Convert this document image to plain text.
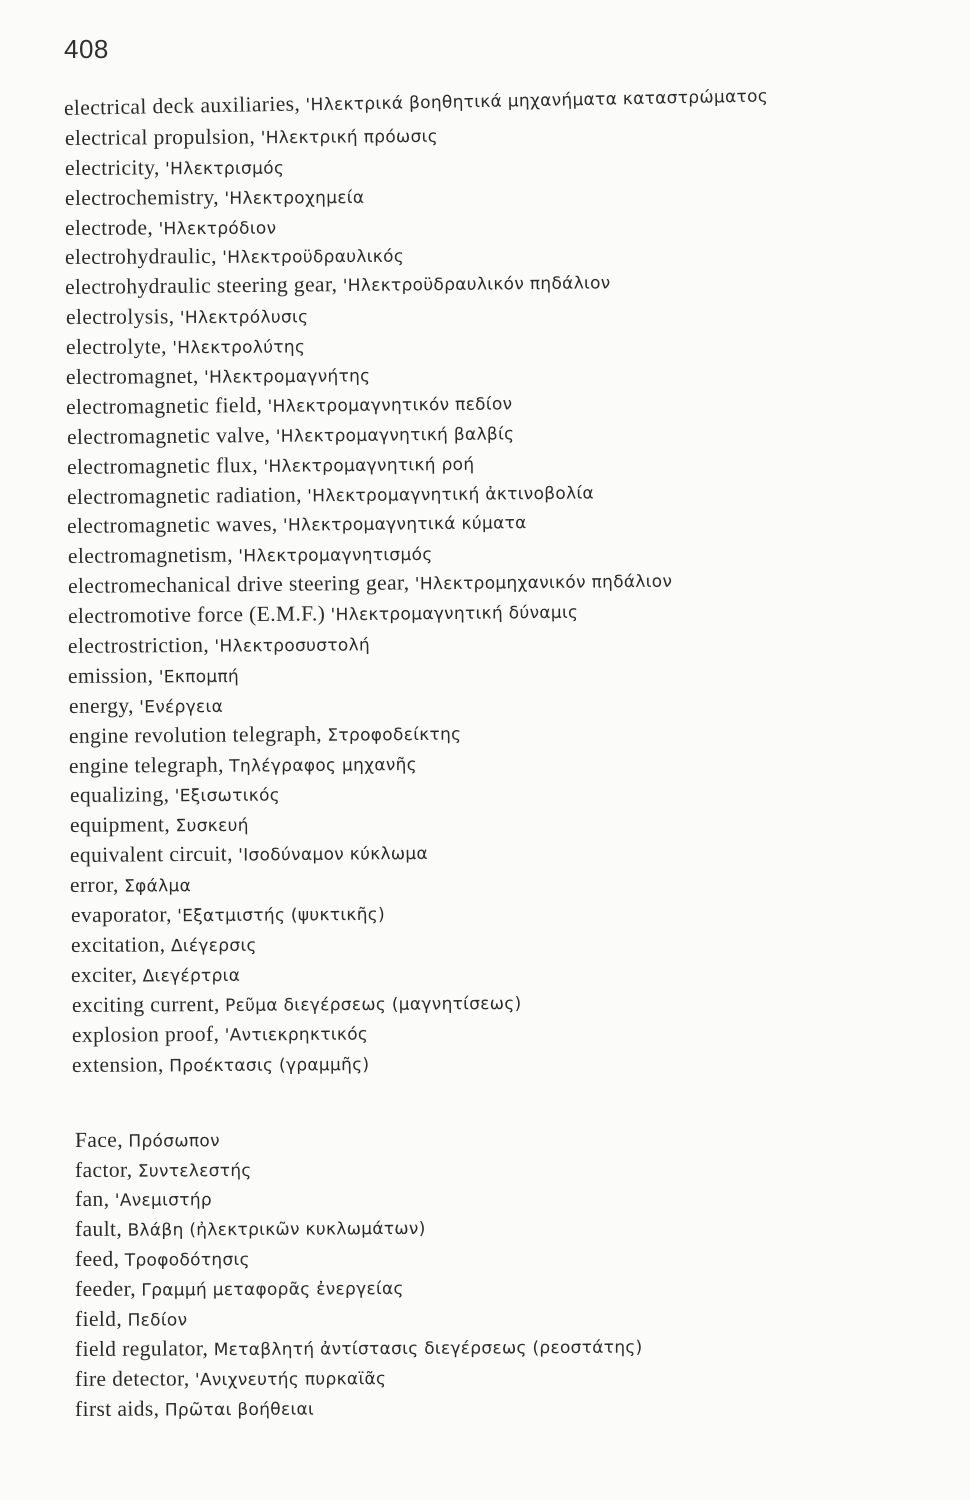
408
electrical deck auxiliaries, 'Ηλεκτρικά βοηθητικά μηχανήματα καταστρώματος
electrical propulsion, 'Ηλεκτρική πρόωσις
electricity, 'Ηλεκτρισμός
electrochemistry, 'Ηλεκτροχημεία
electrode, 'Ηλεκτρόδιον
electrohydraulic, 'Ηλεκτροϋδραυλικός
electrohydraulic steering gear, 'Ηλεκτροϋδραυλικόν πηδάλιον
electrolysis, 'Ηλεκτρόλυσις
electrolyte, 'Ηλεκτρολύτης
electromagnet, 'Ηλεκτρομαγνήτης
electromagnetic field, 'Ηλεκτρομαγνητικόν πεδίον
electromagnetic valve, 'Ηλεκτρομαγνητική βαλβίς
electromagnetic flux, 'Ηλεκτρομαγνητική ροή
electromagnetic radiation, 'Ηλεκτρομαγνητική ἀκτινοβολία
electromagnetic waves, 'Ηλεκτρομαγνητικά κύματα
electromagnetism, 'Ηλεκτρομαγνητισμός
electromechanical drive steering gear, 'Ηλεκτρομηχανικόν πηδάλιον
electromotive force (E.M.F.) 'Ηλεκτρομαγνητική δύναμις
electrostriction, 'Ηλεκτροσυστολή
emission, 'Εκπομπή
energy, 'Ενέργεια
engine revolution telegraph, Στροφοδείκτης
engine telegraph, Τηλέγραφος μηχανῆς
equalizing, 'Εξισωτικός
equipment, Συσκευή
equivalent circuit, 'Ισοδύναμον κύκλωμα
error, Σφάλμα
evaporator, 'Εξατμιστής (ψυκτικῆς)
excitation, Διέγερσις
exciter, Διεγέρτρια
exciting current, Ρεῦμα διεγέρσεως (μαγνητίσεως)
explosion proof, 'Αντιεκρηκτικός
extension, Προέκτασις (γραμμῆς)
Face, Πρόσωπον
factor, Συντελεστής
fan, 'Ανεμιστήρ
fault, Βλάβη (ἠλεκτρικῶν κυκλωμάτων)
feed, Τροφοδότησις
feeder, Γραμμή μεταφορᾶς ἐνεργείας
field, Πεδίον
field regulator, Μεταβλητή ἀντίστασις διεγέρσεως (ρεοστάτης)
fire detector, 'Ανιχνευτής πυρκαϊᾶς
first aids, Πρῶται βοήθειαι
